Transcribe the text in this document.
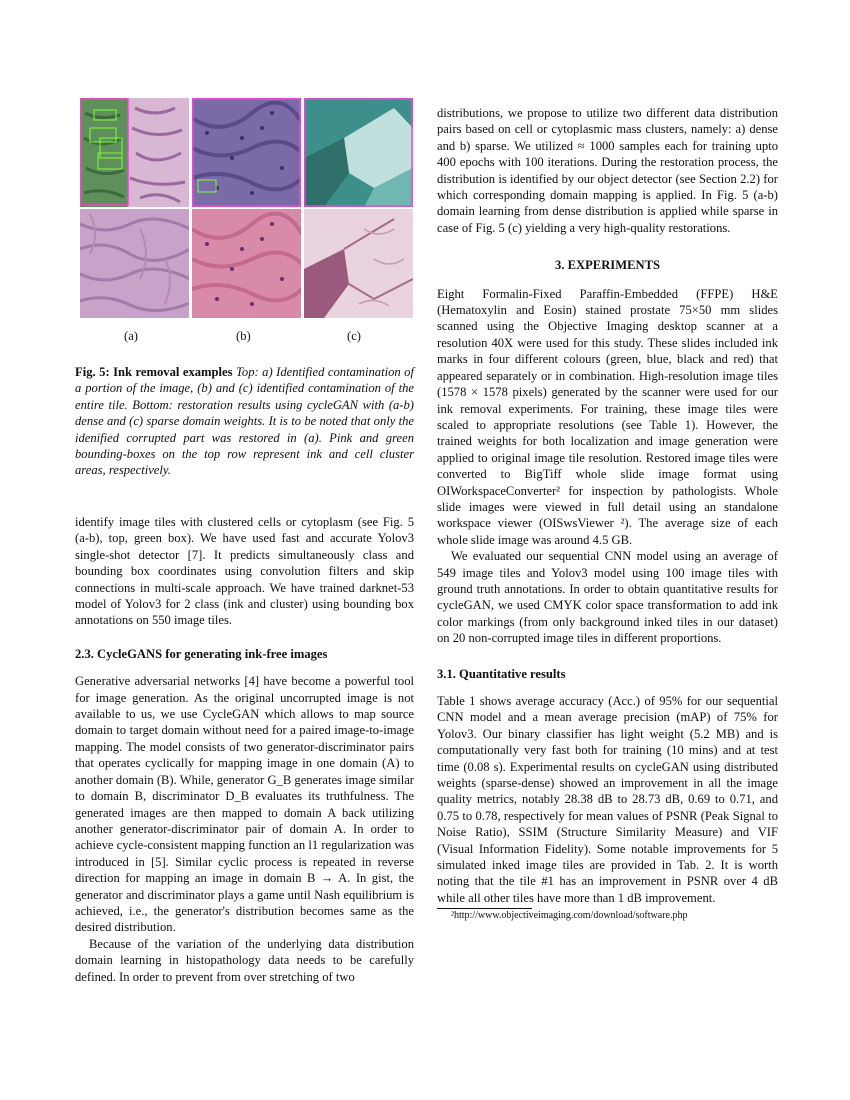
(a)	(b)	(c)
Fig. 5: Ink removal examples Top: a) Identified contamination of a portion of the image, (b) and (c) identified contamination of the entire tile. Bottom: restoration results using cycleGAN with (a-b) dense and (c) sparse domain weights. It is to be noted that only the idenified corrupted part was restored in (a). Pink and green bounding-boxes on the top row represent ink and cell cluster areas, respectively.

identify image tiles with clustered cells or cytoplasm (see Fig. 5 (a-b), top, green box). We have used fast and accurate Yolov3 single-shot detector [7]. It predicts simultaneously class and bounding box coordinates using convolution filters and skip connections in multi-scale approach. We have trained darknet-53 model of Yolov3 for 2 class (ink and cluster) using bounding box annotations on 550 image tiles.

2.3. CycleGANS for generating ink-free images

Generative adversarial networks [4] have become a powerful tool for image generation. As the original uncorrupted image is not available to us, we use CycleGAN which allows to map source domain to target domain without need for a paired image-to-image mapping. The model consists of two generator-discriminator pairs that operates cyclically for mapping image in one domain (A) to another domain (B). While, generator G_B generates image similar to domain B, discriminator D_B evaluates its truthfulness. The generated images are then mapped to domain A back utilizing another generator-discriminator pair of domain A. In order to achieve cycle-consistent mapping function an l1 regularization was introduced in [5]. Similar cyclic process is repeated in reverse direction for mapping an image in domain B → A. In gist, the generator and discriminator plays a game until Nash equilibrium is achieved, i.e., the generator's distribution becomes same as the desired distribution.

Because of the variation of the underlying data distribution domain learning in histopathology data needs to be carefully defined. In order to prevent from over stretching of two

distributions, we propose to utilize two different data distribution pairs based on cell or cytoplasmic mass clusters, namely: a) dense and b) sparse. We utilized ≈ 1000 samples each for training upto 400 epochs with 100 iterations. During the restoration process, the distribution is identified by our object detector (see Section 2.2) for which corresponding domain mapping is applied. In Fig. 5 (a-b) domain learning from dense distribution is applied while sparse in case of Fig. 5 (c) yielding a very high-quality restorations.

3. EXPERIMENTS

Eight Formalin-Fixed Paraffin-Embedded (FFPE) H&E (Hematoxylin and Eosin) stained prostate 75×50 mm slides scanned using the Objective Imaging desktop scanner at a resolution 40X were used for this study. These slides included ink marks in four different colours (green, blue, black and red) that appeared separately or in combination. High-resolution image tiles (1578 × 1578 pixels) generated by the scanner were used for our ink removal experiments. For training, these image tiles were scaled to appropriate resolutions (see Table 1). However, the trained weights for both localization and image generation were applied to original image tile resolution. Restored image tiles were converted to BigTiff whole slide image format using OIWorkspaceConverter² for inspection by pathologists. Whole slide images were viewed in full detail using an standalone workspace viewer (OISwsViewer ²). The average size of each whole slide image was around 4.5 GB.

We evaluated our sequential CNN model using an average of 549 image tiles and Yolov3 model using 100 image tiles with ground truth annotations. In order to obtain quantitative results for cycleGAN, we used CMYK color space transformation to add ink color markings (from only background inked tiles in our dataset) on 20 non-corrupted image tiles in different proportions.

3.1. Quantitative results

Table 1 shows average accuracy (Acc.) of 95% for our sequential CNN model and a mean average precision (mAP) of 75% for Yolov3. Our binary classifier has light weight (5.2 MB) and is computationally very fast both for training (10 mins) and at test time (0.08 s). Experimental results on cycleGAN using distributed weights (sparse-dense) showed an improvement in all the image quality metrics, notably 28.38 dB to 28.73 dB, 0.69 to 0.71, and 0.75 to 0.78, respectively for mean values of PSNR (Peak Signal to Noise Ratio), SSIM (Structure Similarity Measure) and VIF (Visual Information Fidelity). Some notable improvements for 5 simulated inked image tiles are provided in Tab. 2. It is worth noting that the tile #1 has an improvement in PSNR over 4 dB while all other tiles have more than 1 dB improvement.

²http://www.objectiveimaging.com/download/software.php
